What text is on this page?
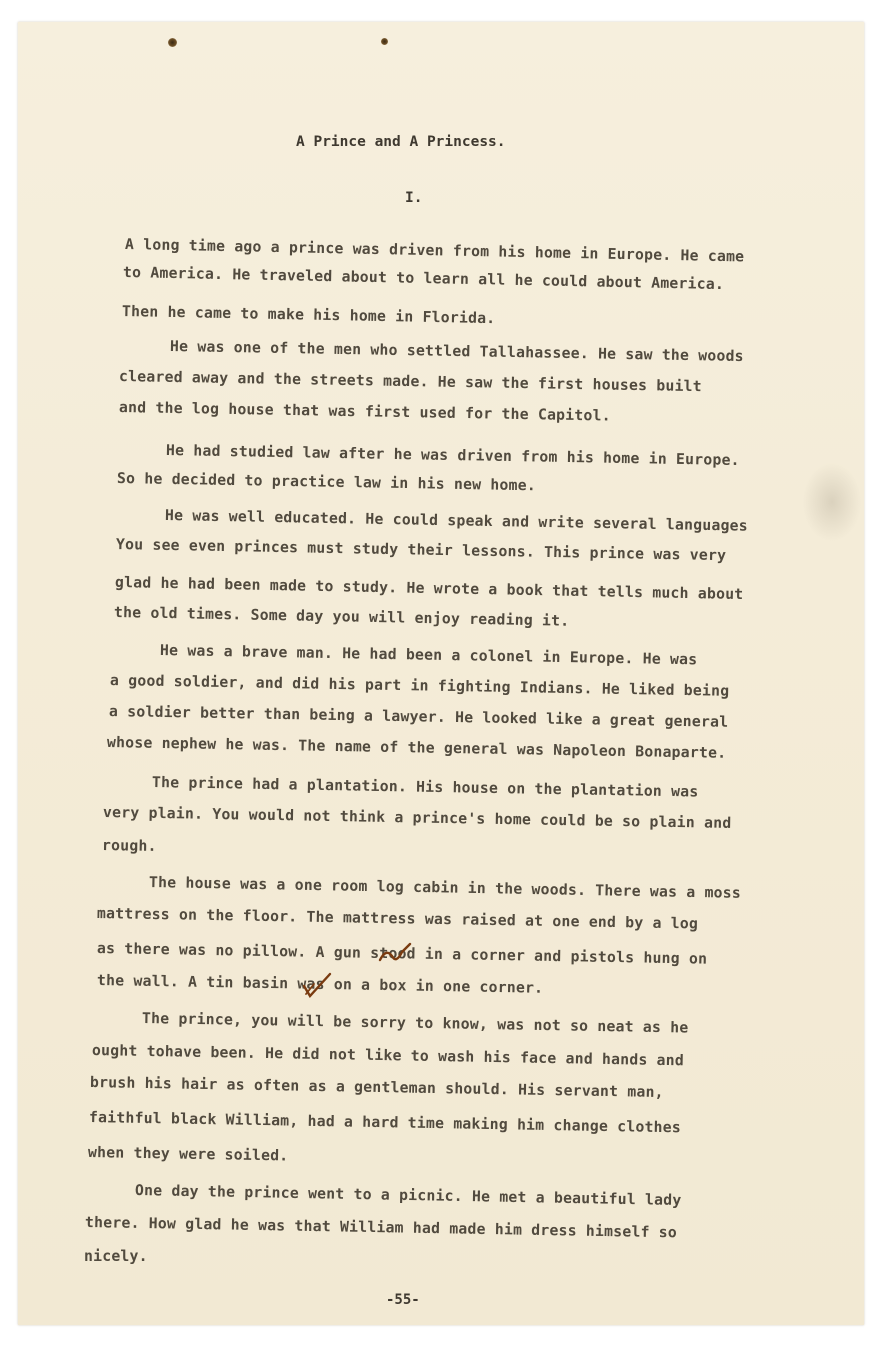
A Prince and A Princess.
I.
A long time ago a prince was driven from his home in Europe. He came
to America. He traveled about to learn all he could about America.
Then he came to make his home in Florida.
He was one of the men who settled Tallahassee. He saw the woods
cleared away and the streets made. He saw the first houses built
and the log house that was first used for the Capitol.
He had studied law after he was driven from his home in Europe.
So he decided to practice law in his new home.
He was well educated. He could speak and write several languages
You see even princes must study their lessons. This prince was very
glad he had been made to study. He wrote a book that tells much about
the old times. Some day you will enjoy reading it.
He was a brave man. He had been a colonel in Europe. He was
a good soldier, and did his part in fighting Indians. He liked being
a soldier better than being a lawyer. He looked like a great general
whose nephew he was. The name of the general was Napoleon Bonaparte.
The prince had a plantation. His house on the plantation was
very plain. You would not think a prince's home could be so plain and
rough.
The house was a one room log cabin in the woods. There was a moss
mattress on the floor. The mattress was raised at one end by a log
as there was no pillow. A gun stood in a corner and pistols hung on
the wall. A tin basin was on a box in one corner.
The prince, you will be sorry to know, was not so neat as he
ought tohave been. He did not like to wash his face and hands and
brush his hair as often as a gentleman should. His servant man,
faithful black William, had a hard time making him change clothes
when they were soiled.
One day the prince went to a picnic. He met a beautiful lady
there. How glad he was that William had made him dress himself so
nicely.
-55-
